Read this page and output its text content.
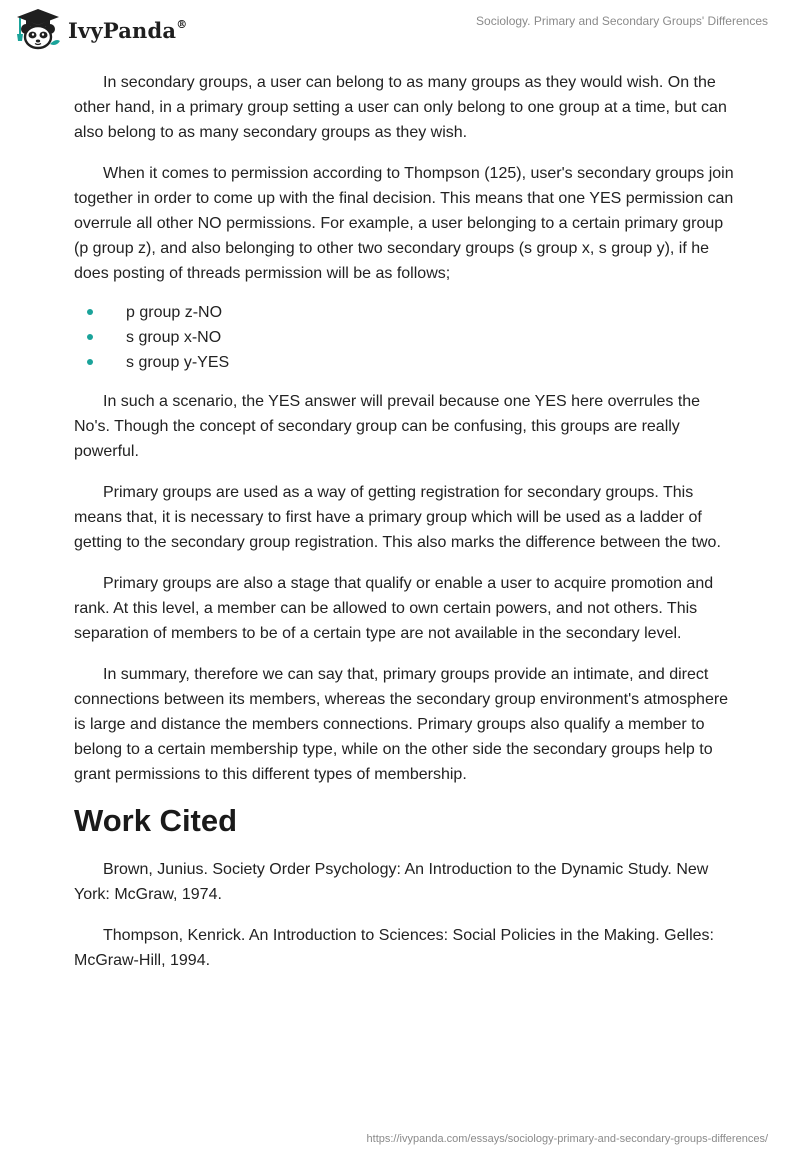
IvyPanda®	Sociology. Primary and Secondary Groups' Differences

In secondary groups, a user can belong to as many groups as they would wish. On the other hand, in a primary group setting a user can only belong to one group at a time, but can also belong to as many secondary groups as they wish.

When it comes to permission according to Thompson (125), user's secondary groups join together in order to come up with the final decision. This means that one YES permission can overrule all other NO permissions. For example, a user belonging to a certain primary group (p group z), and also belonging to other two secondary groups (s group x, s group y), if he does posting of threads permission will be as follows;

p group z-NO
s group x-NO
s group y-YES

In such a scenario, the YES answer will prevail because one YES here overrules the No's. Though the concept of secondary group can be confusing, this groups are really powerful.

Primary groups are used as a way of getting registration for secondary groups. This means that, it is necessary to first have a primary group which will be used as a ladder of getting to the secondary group registration. This also marks the difference between the two.

Primary groups are also a stage that qualify or enable a user to acquire promotion and rank. At this level, a member can be allowed to own certain powers, and not others. This separation of members to be of a certain type are not available in the secondary level.

In summary, therefore we can say that, primary groups provide an intimate, and direct connections between its members, whereas the secondary group environment's atmosphere is large and distance the members connections. Primary groups also qualify a member to belong to a certain membership type, while on the other side the secondary groups help to grant permissions to this different types of membership.

Work Cited

Brown, Junius. Society Order Psychology: An Introduction to the Dynamic Study. New York: McGraw, 1974.

Thompson, Kenrick. An Introduction to Sciences: Social Policies in the Making. Gelles: McGraw-Hill, 1994.

https://ivypanda.com/essays/sociology-primary-and-secondary-groups-differences/
